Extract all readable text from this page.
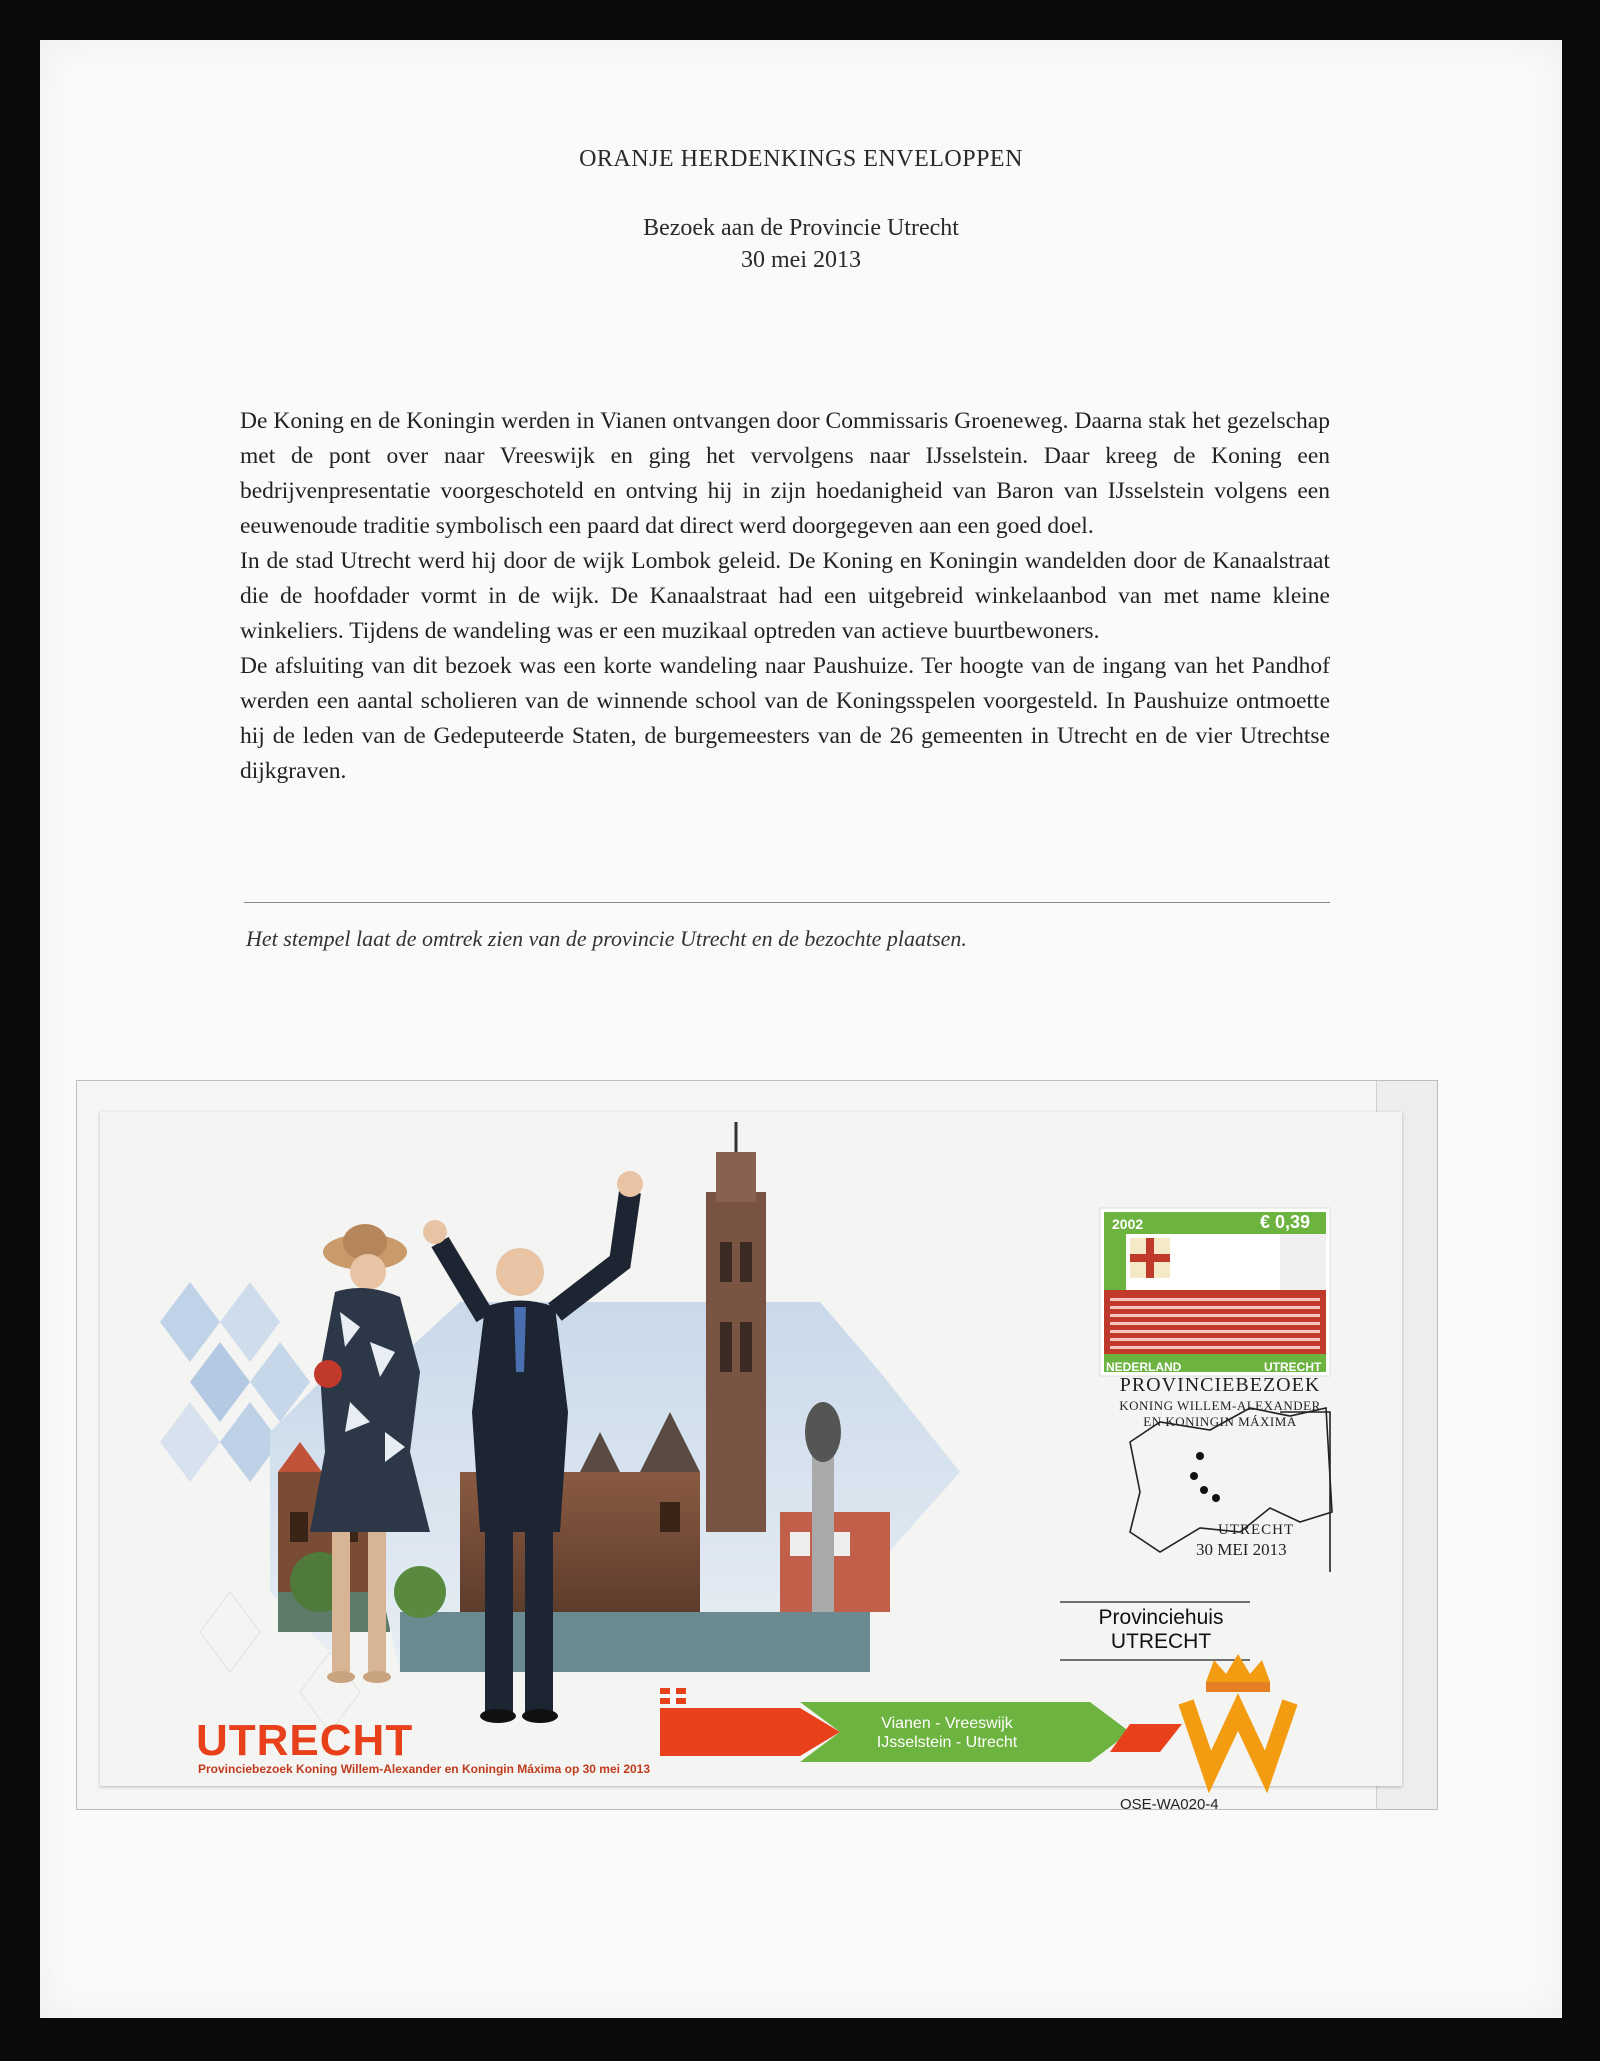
ORANJE HERDENKINGS ENVELOPPEN
Bezoek aan de Provincie Utrecht
30 mei 2013

De Koning en de Koningin werden in Vianen ontvangen door Commissaris Groeneweg. Daarna stak het gezelschap met de pont over naar Vreeswijk en ging het vervolgens naar IJsselstein. Daar kreeg de Koning een bedrijvenpresentatie voorgeschoteld en ontving hij in zijn hoedanigheid van Baron van IJsselstein volgens een eeuwenoude traditie symbolisch een paard dat direct werd doorgegeven aan een goed doel.

In de stad Utrecht werd hij door de wijk Lombok geleid. De Koning en Koningin wandelden door de Kanaalstraat die de hoofdader vormt in de wijk. De Kanaalstraat had een uitgebreid winkelaanbod van met name kleine winkeliers. Tijdens de wandeling was er een muzikaal optreden van actieve buurtbewoners.

De afsluiting van dit bezoek was een korte wandeling naar Paushuize. Ter hoogte van de ingang van het Pandhof werden een aantal scholieren van de winnende school van de Koningsspelen voorgesteld. In Paushuize ontmoette hij de leden van de Gedeputeerde Staten, de burgemeesters van de 26 gemeenten in Utrecht en de vier Utrechtse dijkgraven.

Het stempel laat de omtrek zien van de provincie Utrecht en de bezochte plaatsen.
2002	€ 0,39
NEDERLAND	UTRECHT
PROVINCIEBEZOEK
KONING WILLEM-ALEXANDER
EN KONINGIN MÁXIMA
UTRECHT
30 MEI 2013
Provinciehuis
UTRECHT
Vianen - Vreeswijk
IJsselstein - Utrecht
UTRECHT
Provinciebezoek Koning Willem-Alexander en Koningin Máxima op 30 mei 2013
OSE-WA020-4
